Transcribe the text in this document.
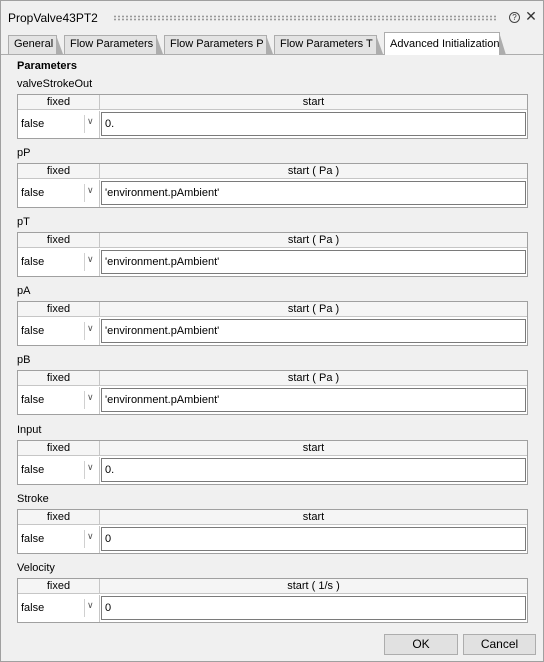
PropValve43PT2	? ✕
General	Flow Parameters	Flow Parameters P	Flow Parameters T	Advanced Initialization
Parameters
valveStrokeOut
fixed	start
false	∨	0.
pP
fixed	start ( Pa )
false	∨	'environment.pAmbient'
pT
fixed	start ( Pa )
false	∨	'environment.pAmbient'
pA
fixed	start ( Pa )
false	∨	'environment.pAmbient'
pB
fixed	start ( Pa )
false	∨	'environment.pAmbient'
Input
fixed	start
false	∨	0.
Stroke
fixed	start
false	∨	0
Velocity
fixed	start ( 1/s )
false	∨	0
OK	Cancel
